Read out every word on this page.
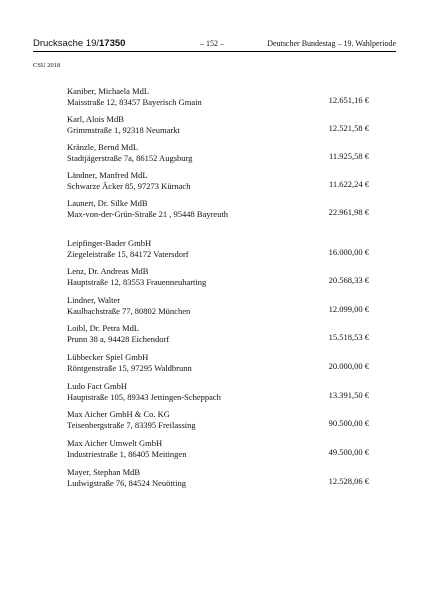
Drucksache 19/17350	– 152 –	Deutscher Bundestag – 19. Wahlperiode
CSU 2018
Kaniber, Michaela MdL
Maisstraße 12, 83457 Bayerisch Gmain	12.651,16 €
Karl, Alois MdB
Grimmstraße 1, 92318 Neumarkt	12.521,58 €
Kränzle, Bernd MdL
Stadtjägerstraße 7a, 86152 Augsburg	11.925,58 €
Ländner, Manfred MdL
Schwarze Äcker 85, 97273 Kürnach	11.622,24 €
Launert, Dr. Silke MdB
Max-von-der-Grün-Straße 21 , 95448 Bayreuth	22.961,98 €
Leipfinger-Bader GmbH
Ziegeleistraße 15, 84172 Vatersdorf	16.000,00 €
Lenz, Dr. Andreas MdB
Hauptstraße 12, 83553 Frauenneuharting	20.568,33 €
Lindner, Walter
Kaulbachstraße 77, 80802 München	12.099,00 €
Loibl, Dr. Petra MdL
Prunn 38 a, 94428 Eichendorf	15.518,53 €
Lübbecker Spiel GmbH
Röntgenstraße 15, 97295 Waldbrunn	20.000,00 €
Ludo Fact GmbH
Hauptstraße 105, 89343 Jettingen-Scheppach	13.391,50 €
Max Aicher GmbH & Co. KG
Teisenbergstraße 7, 83395 Freilassing	90.500,00 €
Max Aicher Umwelt GmbH
Industriestraße 1, 86405 Meitingen	49.500,00 €
Mayer, Stephan MdB
Ludwigstraße 76, 84524 Neuötting	12.528,06 €
